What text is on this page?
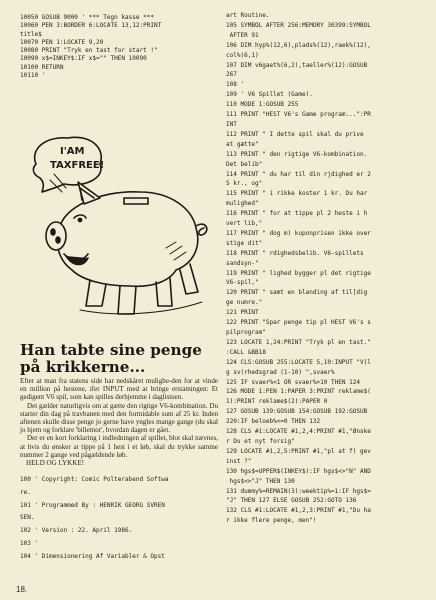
10050 GOSUB 9000 ' *** Tegn kasse ***
10060 PEN 3:BORDER 6:LOCATE 13,12:PRINT
title$
10070 PEN 1:LOCATE 9,20
10080 PRINT "Tryk en tast for start !"
10090 x$=INKEY$:IF x$="" THEN 10090
10100 RETURN
10110 '
I'AM
TAXFREE!
Han tabte sine penge
på krikkerne...

Efter at man fra statens side har nedskåret mulighe-den for at vinde en million på hestene, ifer INPUT med at bringe erstatningen: Et gedigent V6 spil, som kan spilles derhjemme i daglistuen.

Det gælder naturligvis om at gætte den rigtige V6-kombination. Du starter din dag på travbanen med den formidable sum af 25 kr. Inden aftenen skulle disse penge jo gerne have yngles mange gange (du skal jo hjem og forklare 'billemor', hvordan dagen er gået.

Der er en kort forklaring i indledningen af spillet, blot skal nævnes, at hvis du ønsker at tippe på 1 hest i et løb, skal du trykke samme nummer 2 gange ved pågældende løb.

HELD OG LYKKE!

100 ' Copyright: Comic Polterabend Softwa
re.
101 ' Programmed By : HENRIK GEORG SVREN
SEN.
102 ' Version : 22. April 1986.
103 '
104 ' Dimensionering Af Variabler & Opst
art Routine.
105 SYMBOL AFTER 256:MEMORY 30399:SYMBOL
AFTER 91
106 DIM hyp%(12,6),plads%(12),raek%(12),
col%(6,1)
107 DIM v6gaet%(6,2),taeller%(12):GOSUB
267
108 '
109 ' V6 Spillet (Game).
110 MODE 1:GOSUB 255
111 PRINT "HEST V6's Game program...":PR
INT
112 PRINT " I dette spil skal du prive
at gætte"
113 PRINT " den rigtige V6-kombination.
Det belib"
114 PRINT " du har til din rjdighed er 2
5 kr., og"
115 PRINT " i rikke koster 1 kr. Du har
mulighed"
116 PRINT " for at tippe pl 2 heste i h
vert lib,"
117 PRINT " dog m) kuponprisen ikke over
stige dit"
118 PRINT " rdighedsbelib. V6-spillets
sandsyn-"
119 PRINT " lighed bygger pl det rigtige
V6-spil,"
120 PRINT " samt en blanding af til[dig
ge numre."
121 PRINT
122 PRINT "Spar penge tip pl HEST V6's s
pilprogram"
123 LOCATE 1,24:PRINT "Tryk pl en tast."
:CALL &BB18
124 CLS:GOSUB 255:LOCATE 5,10:INPUT "V(l
g sv(rhedsgrad (1-10) ",svaer%
125 IF svaer%<1 OR svaer%>10 THEN 124
126 MODE 1:PEN 1:PAPER 3:PRINT reklame$(
1):PRINT reklame$(2):PAPER 0
127 GOSUB 139:GOSUB 154:GOSUB 192:GOSUB
220:IF beloeb%<=0 THEN 132
128 CLS #1:LOCATE #1,2,4:PRINT #1,"Ønske
r Du et nyt forsig"
129 LOCATE #1,2,5:PRINT #1,"pl at f) gev
inst ?"
130 hgs$=UPPER$(INKEY$):IF hgs$<>"N" AND
hgs$<>"J" THEN 130
131 dummy%=REMAIN(3):weektip%=1:IF hgs$=
"J" THEN 127 ELSE GOSUB 252:GOTO 136
132 CLS #1:LOCATE #1,2,3:PRINT #1,"Du ha
r ikke flere penge, men"!
18.
